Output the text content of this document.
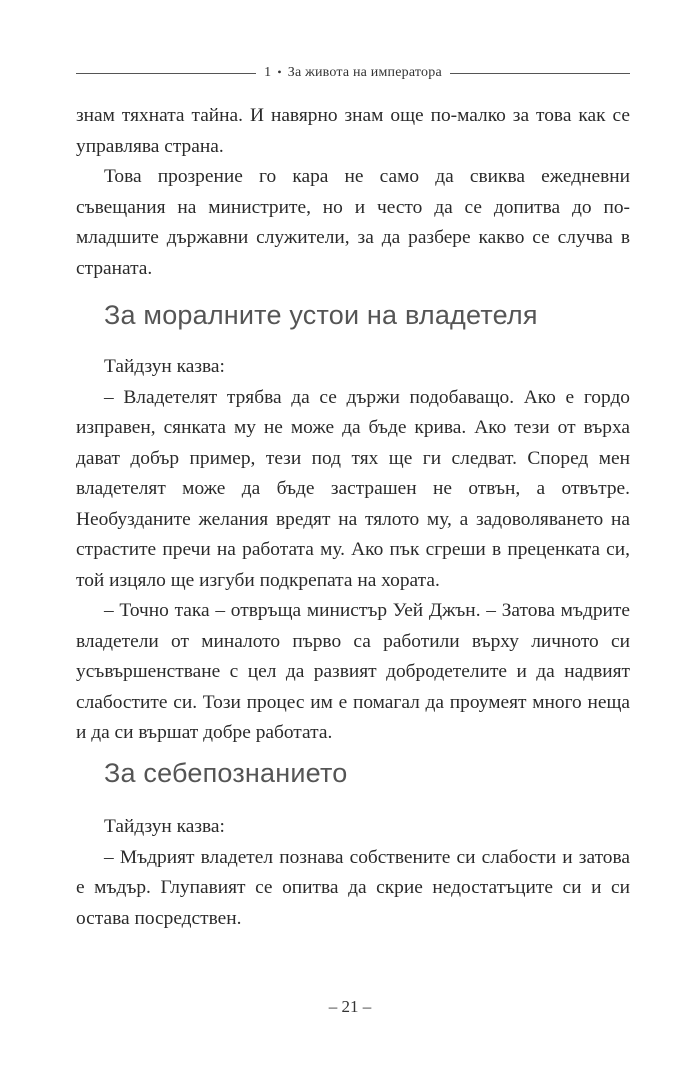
1 • За живота на императора

знам тяхната тайна. И навярно знам още по-малко за това как се управлява страна.

Това прозрение го кара не само да свиква ежедневни съвещания на министрите, но и често да се допитва до по-младшите държавни служители, за да разбере какво се случва в страната.

За моралните устои на владетеля

Тайдзун казва:

– Владетелят трябва да се държи подобаващо. Ако е гордо изправен, сянката му не може да бъде крива. Ако тези от върха дават добър пример, тези под тях ще ги следват. Според мен владетелят може да бъде застрашен не отвън, а отвътре. Необузданите желания вредят на тялото му, а задоволяването на страстите пречи на работата му. Ако пък сгреши в преценката си, той изцяло ще изгуби подкрепата на хората.

– Точно така – отвръща министър Уей Джън. – Затова мъдрите владетели от миналото първо са работили върху личното си усъвършенстване с цел да развият добродетелите и да надвият слабостите си. Този процес им е помагал да проумеят много неща и да си вършат добре работата.

За себепознанието

Тайдзун казва:

– Мъдрият владетел познава собствените си слабости и затова е мъдър. Глупавият се опитва да скрие недостатъците си и си остава посредствен.

– 21 –
